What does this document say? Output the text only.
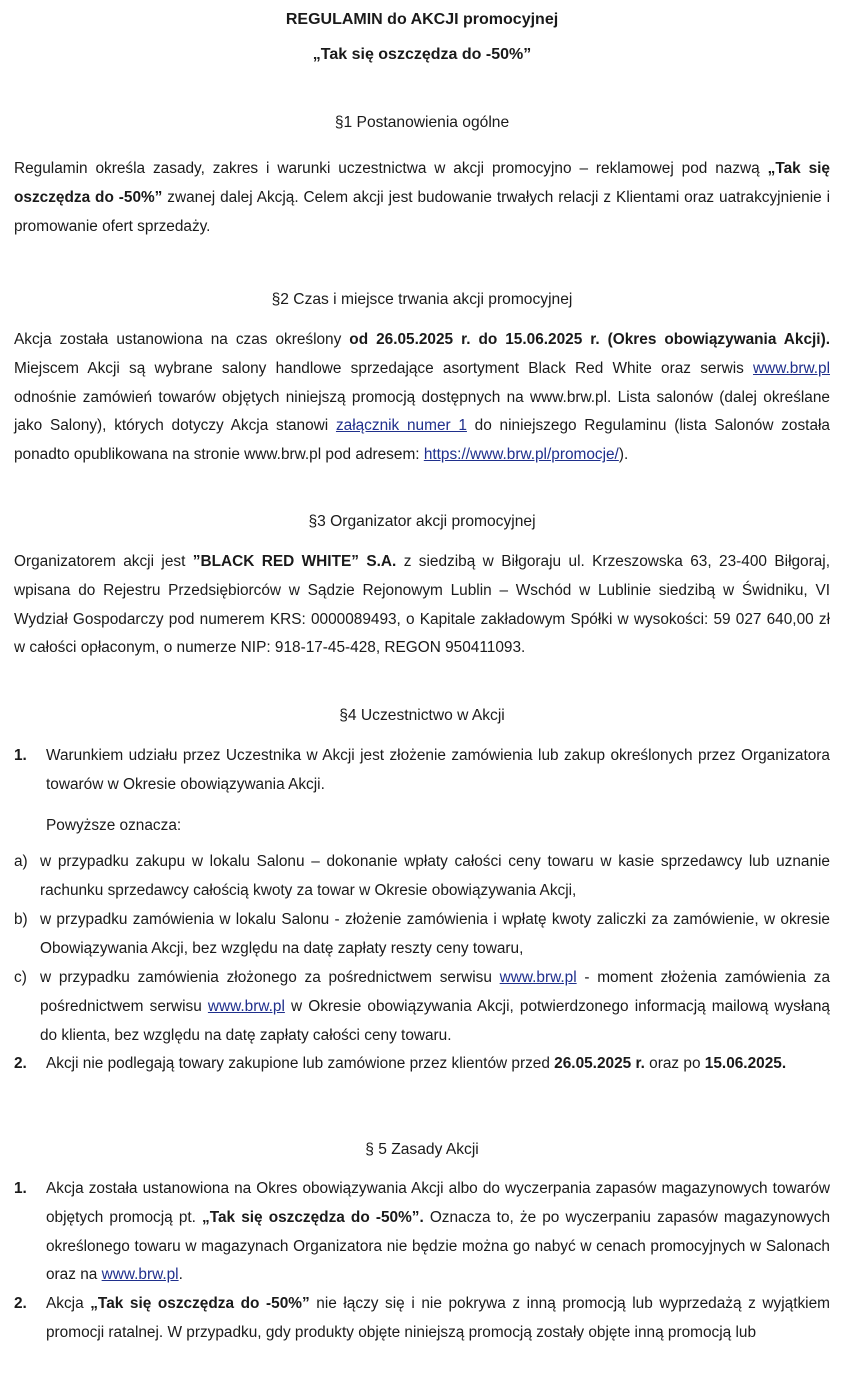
REGULAMIN do AKCJI promocyjnej
„Tak się oszczędza do -50%”
§1 Postanowienia ogólne
Regulamin określa zasady, zakres i warunki uczestnictwa w akcji promocyjno – reklamowej pod nazwą „Tak się oszczędza do -50%” zwanej dalej Akcją. Celem akcji jest budowanie trwałych relacji z Klientami oraz uatrakcyjnienie i promowanie ofert sprzedaży.
§2 Czas i miejsce trwania akcji promocyjnej
Akcja została ustanowiona na czas określony od 26.05.2025 r. do 15.06.2025 r. (Okres obowiązywania Akcji). Miejscem Akcji są wybrane salony handlowe sprzedające asortyment Black Red White oraz serwis www.brw.pl odnośnie zamówień towarów objętych niniejszą promocją dostępnych na www.brw.pl. Lista salonów (dalej określane jako Salony), których dotyczy Akcja stanowi załącznik numer 1 do niniejszego Regulaminu (lista Salonów została ponadto opublikowana na stronie www.brw.pl pod adresem: https://www.brw.pl/promocje/).
§3 Organizator akcji promocyjnej
Organizatorem akcji jest ”BLACK RED WHITE” S.A. z siedzibą w Biłgoraju ul. Krzeszowska 63, 23-400 Biłgoraj, wpisana do Rejestru Przedsiębiorców w Sądzie Rejonowym Lublin – Wschód w Lublinie siedzibą w Świdniku, VI Wydział Gospodarczy pod numerem KRS: 0000089493, o Kapitale zakładowym Spółki w wysokości: 59 027 640,00 zł w całości opłaconym, o numerze NIP: 918-17-45-428, REGON 950411093.
§4 Uczestnictwo w Akcji
1.	Warunkiem udziału przez Uczestnika w Akcji jest złożenie zamówienia lub zakup określonych przez Organizatora towarów w Okresie obowiązywania Akcji.
Powyższe oznacza:
a) w przypadku zakupu w lokalu Salonu – dokonanie wpłaty całości ceny towaru w kasie sprzedawcy lub uznanie rachunku sprzedawcy całością kwoty za towar w Okresie obowiązywania Akcji,
b) w przypadku zamówienia w lokalu Salonu - złożenie zamówienia i wpłatę kwoty zaliczki za zamówienie, w okresie Obowiązywania Akcji, bez względu na datę zapłaty reszty ceny towaru,
c) w przypadku zamówienia złożonego za pośrednictwem serwisu www.brw.pl - moment złożenia zamówienia za pośrednictwem serwisu www.brw.pl w Okresie obowiązywania Akcji, potwierdzonego informacją mailową wysłaną do klienta, bez względu na datę zapłaty całości ceny towaru.
2.	Akcji nie podlegają towary zakupione lub zamówione przez klientów przed 26.05.2025 r. oraz po 15.06.2025.
§ 5 Zasady Akcji
1.	Akcja została ustanowiona na Okres obowiązywania Akcji albo do wyczerpania zapasów magazynowych towarów objętych promocją pt. „Tak się oszczędza do -50%”. Oznacza to, że po wyczerpaniu zapasów magazynowych określonego towaru w magazynach Organizatora nie będzie można go nabyć w cenach promocyjnych w Salonach oraz na www.brw.pl.
2.	Akcja „Tak się oszczędza do -50%” nie łączy się i nie pokrywa z inną promocją lub wyprzedażą z wyjątkiem promocji ratalnej. W przypadku, gdy produkty objęte niniejszą promocją zostały objęte inną promocją lub
